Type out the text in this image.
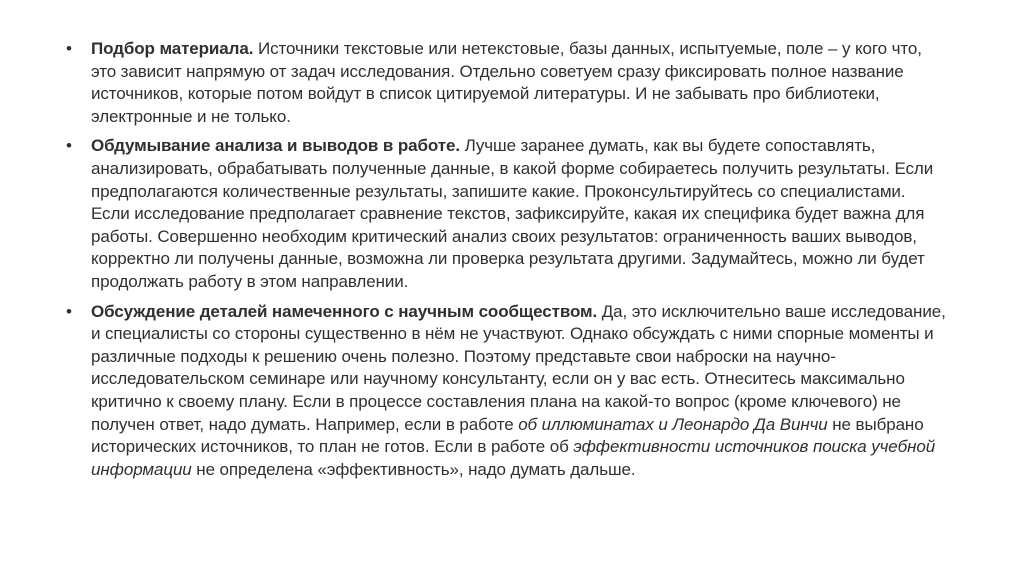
•	Подбор материала. Источники текстовые или нетекстовые, базы данных, испытуемые, поле – у кого что, это зависит напрямую от задач исследования. Отдельно советуем сразу фиксировать полное название источников, которые потом войдут в список цитируемой литературы. И не забывать про библиотеки, электронные и не только.
•	Обдумывание анализа и выводов в работе. Лучше заранее думать, как вы будете сопоставлять, анализировать, обрабатывать полученные данные, в какой форме собираетесь получить результаты. Если предполагаются количественные результаты, запишите какие. Проконсультируйтесь со специалистами. Если исследование предполагает сравнение текстов, зафиксируйте, какая их специфика будет важна для работы. Совершенно необходим критический анализ своих результатов: ограниченность ваших выводов, корректно ли получены данные, возможна ли проверка результата другими. Задумайтесь, можно ли будет продолжать работу в этом направлении.
•	Обсуждение деталей намеченного с научным сообществом. Да, это исключительно ваше исследование, и специалисты со стороны существенно в нём не участвуют. Однако обсуждать с ними спорные моменты и различные подходы к решению очень полезно. Поэтому представьте свои наброски на научно-исследовательском семинаре или научному консультанту, если он у вас есть. Отнеситесь максимально критично к своему плану. Если в процессе составления плана на какой-то вопрос (кроме ключевого) не получен ответ, надо думать. Например, если в работе об иллюминатах и Леонардо Да Винчи не выбрано исторических источников, то план не готов. Если в работе об эффективности источников поиска учебной информации не определена «эффективность», надо думать дальше.
